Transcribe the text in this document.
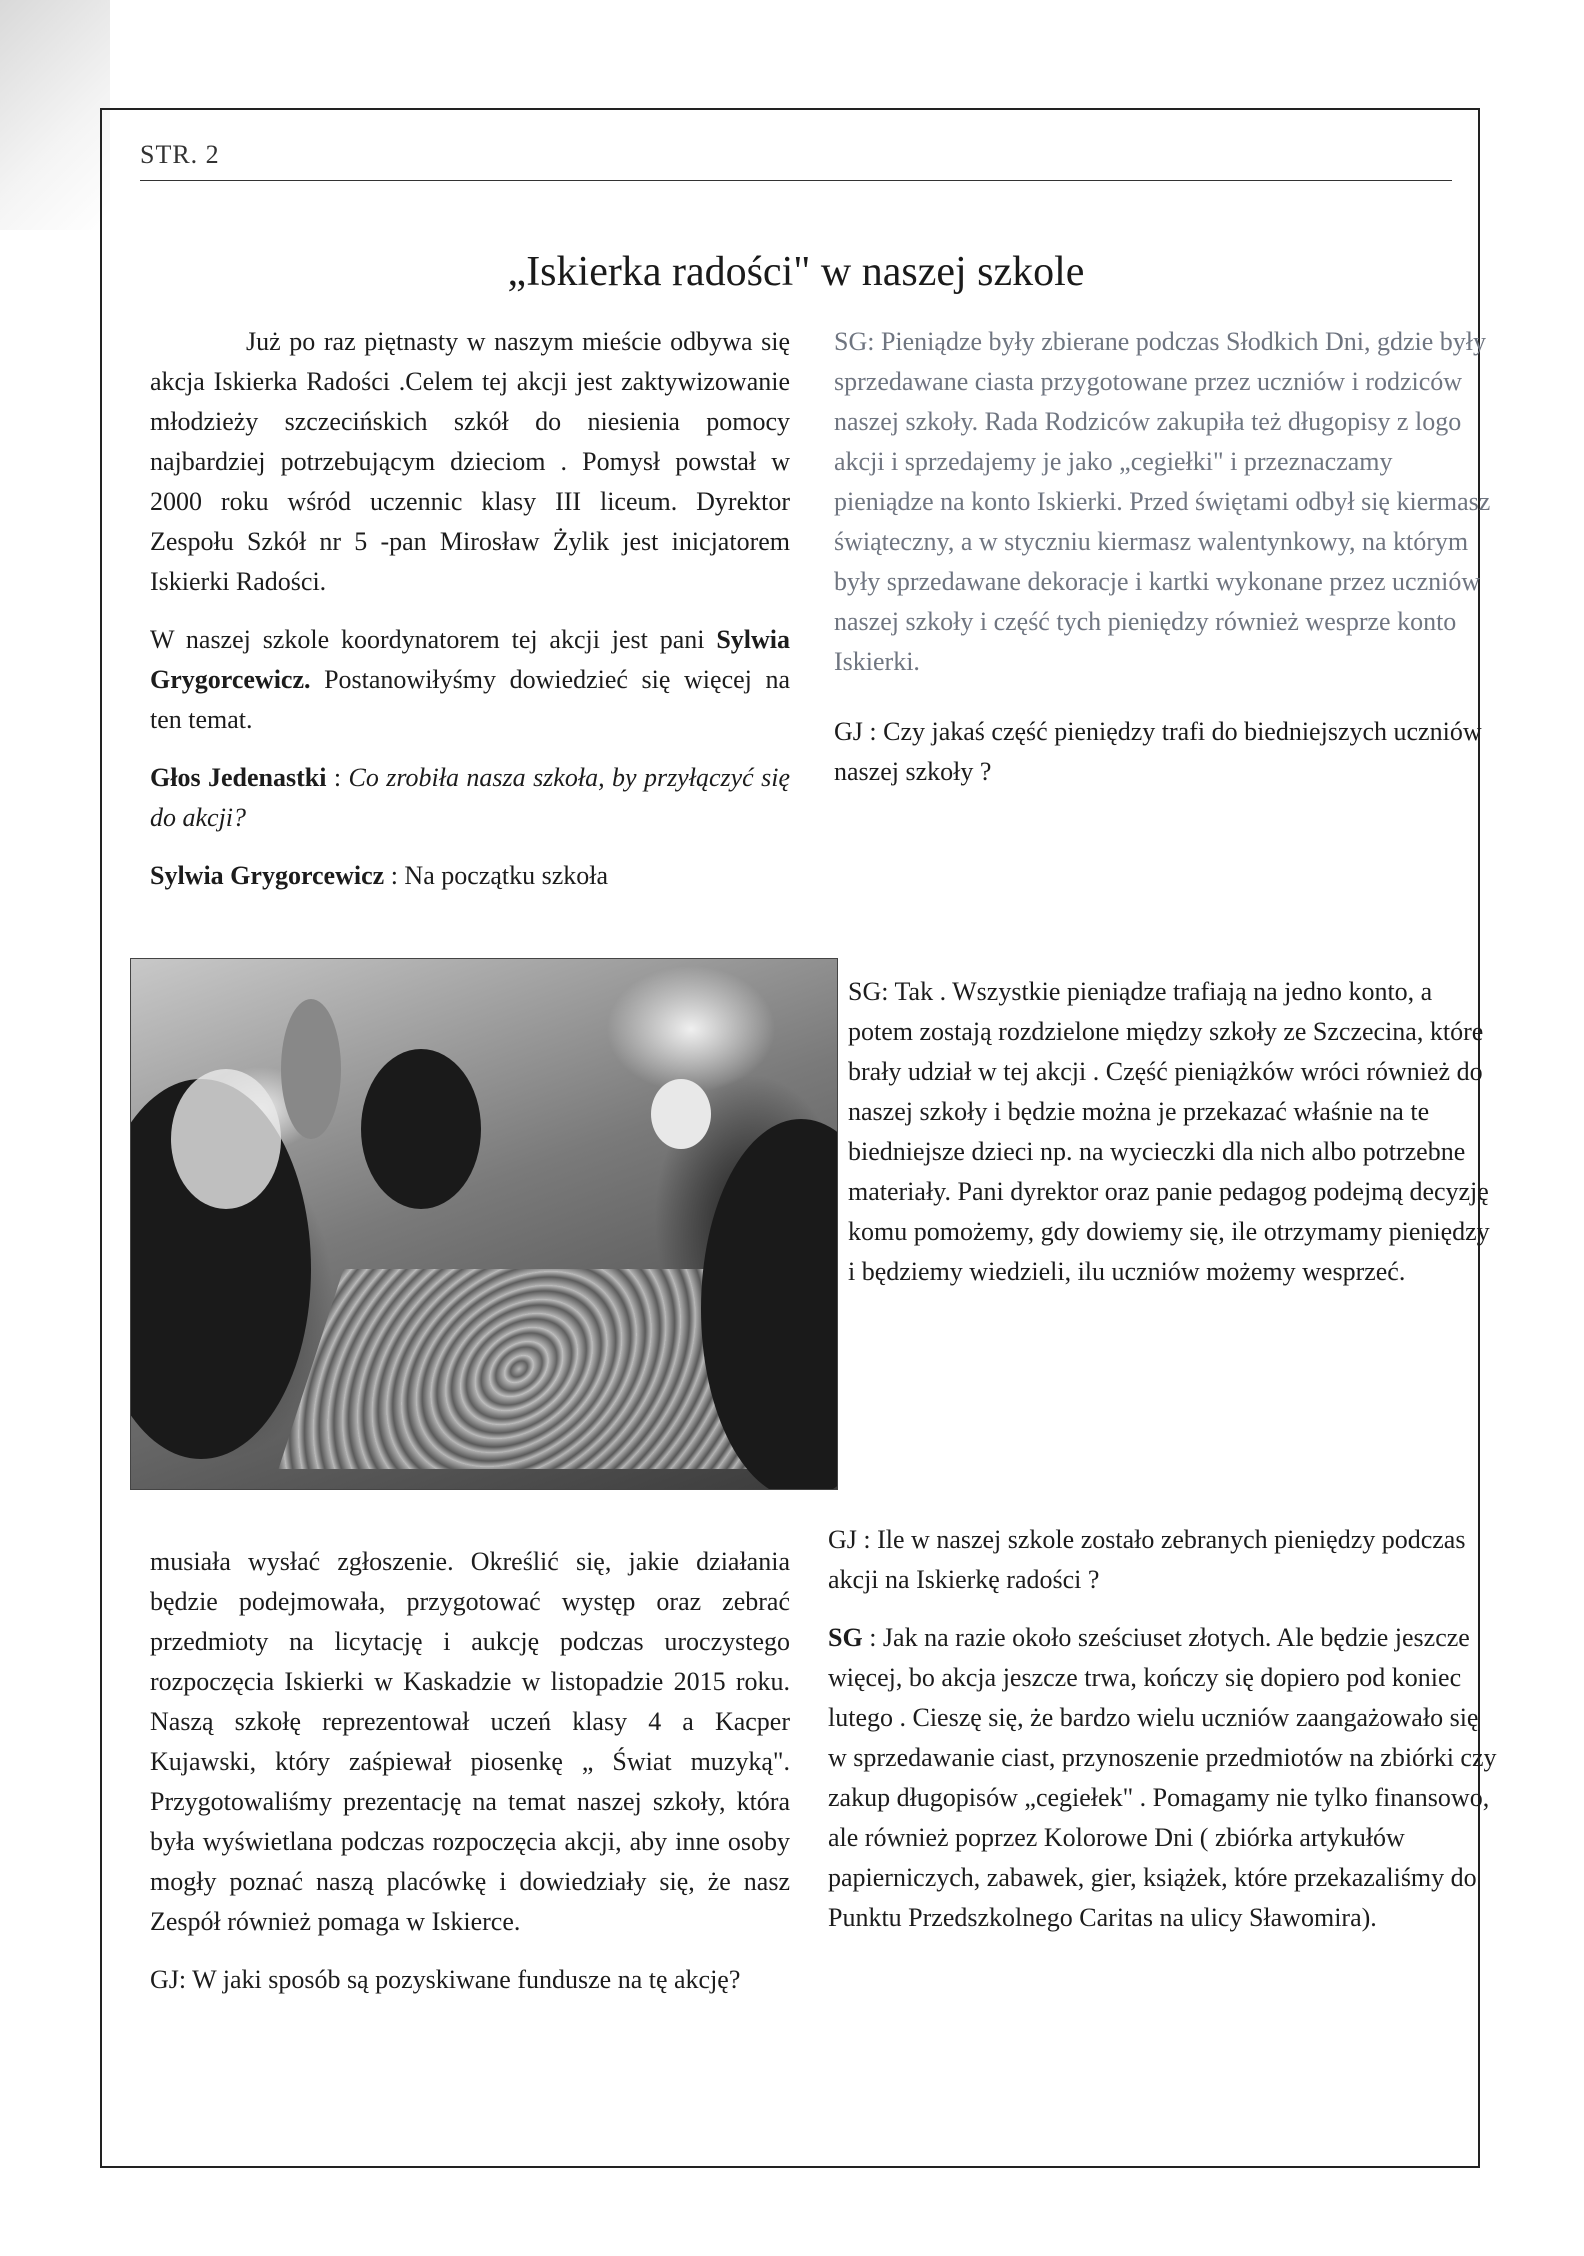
STR. 2
„Iskierka radości" w naszej szkole

Już po raz piętnasty w naszym mieście odbywa się akcja Iskierka Radości .Celem tej akcji jest zaktywizowanie młodzieży szczecińskich szkół do niesienia pomocy najbardziej potrzebującym dzieciom . Pomysł powstał w 2000 roku wśród uczennic klasy III liceum. Dyrektor Zespołu Szkół nr 5 -pan Mirosław Żylik jest inicjatorem Iskierki Radości.

W naszej szkole koordynatorem tej akcji jest pani Sylwia Grygorcewicz. Postanowiłyśmy dowiedzieć się więcej na ten temat.

Głos Jedenastki : Co zrobiła nasza szkoła, by przyłączyć się do akcji?

Sylwia Grygorcewicz : Na początku szkoła

SG: Pieniądze były zbierane podczas Słodkich Dni, gdzie były sprzedawane ciasta przygotowane przez uczniów i rodziców naszej szkoły. Rada Rodziców zakupiła też długopisy z logo akcji i sprzedajemy je jako „cegiełki" i przeznaczamy pieniądze na konto Iskierki. Przed świętami odbył się kiermasz świąteczny, a w styczniu kiermasz walentynkowy, na którym były sprzedawane dekoracje i kartki wykonane przez uczniów naszej szkoły i część tych pieniędzy również wesprze konto Iskierki.

GJ : Czy jakaś część pieniędzy trafi do biedniejszych uczniów naszej szkoły ?

SG: Tak . Wszystkie pieniądze trafiają na jedno konto, a potem zostają rozdzielone między szkoły ze Szczecina, które brały udział w tej akcji . Część pieniążków wróci również do naszej szkoły i będzie można je przekazać właśnie na te biedniejsze dzieci np. na wycieczki dla nich albo potrzebne materiały. Pani dyrektor oraz panie pedagog podejmą decyzję komu pomożemy, gdy dowiemy się, ile otrzymamy pieniędzy i będziemy wiedzieli, ilu uczniów możemy wesprzeć.

musiała wysłać zgłoszenie. Określić się, jakie działania będzie podejmowała, przygotować występ oraz zebrać przedmioty na licytację i aukcję podczas uroczystego rozpoczęcia Iskierki w Kaskadzie w listopadzie 2015 roku. Naszą szkołę reprezentował uczeń klasy 4 a Kacper Kujawski, który zaśpiewał piosenkę „ Świat muzyką". Przygotowaliśmy prezentację na temat naszej szkoły, która była wyświetlana podczas rozpoczęcia akcji, aby inne osoby mogły poznać naszą placówkę i dowiedziały się, że nasz Zespół również pomaga w Iskierce.

GJ: W jaki sposób są pozyskiwane fundusze na tę akcję?

GJ : Ile w naszej szkole zostało zebranych pieniędzy podczas akcji na Iskierkę radości ?

SG : Jak na razie około sześciuset złotych. Ale będzie jeszcze więcej, bo akcja jeszcze trwa, kończy się dopiero pod koniec lutego . Cieszę się, że bardzo wielu uczniów zaangażowało się w sprzedawanie ciast, przynoszenie przedmiotów na zbiórki czy zakup długopisów „cegiełek" . Pomagamy nie tylko finansowo, ale również poprzez Kolorowe Dni ( zbiórka artykułów papierniczych, zabawek, gier, książek, które przekazaliśmy do Punktu Przedszkolnego Caritas na ulicy Sławomira).
